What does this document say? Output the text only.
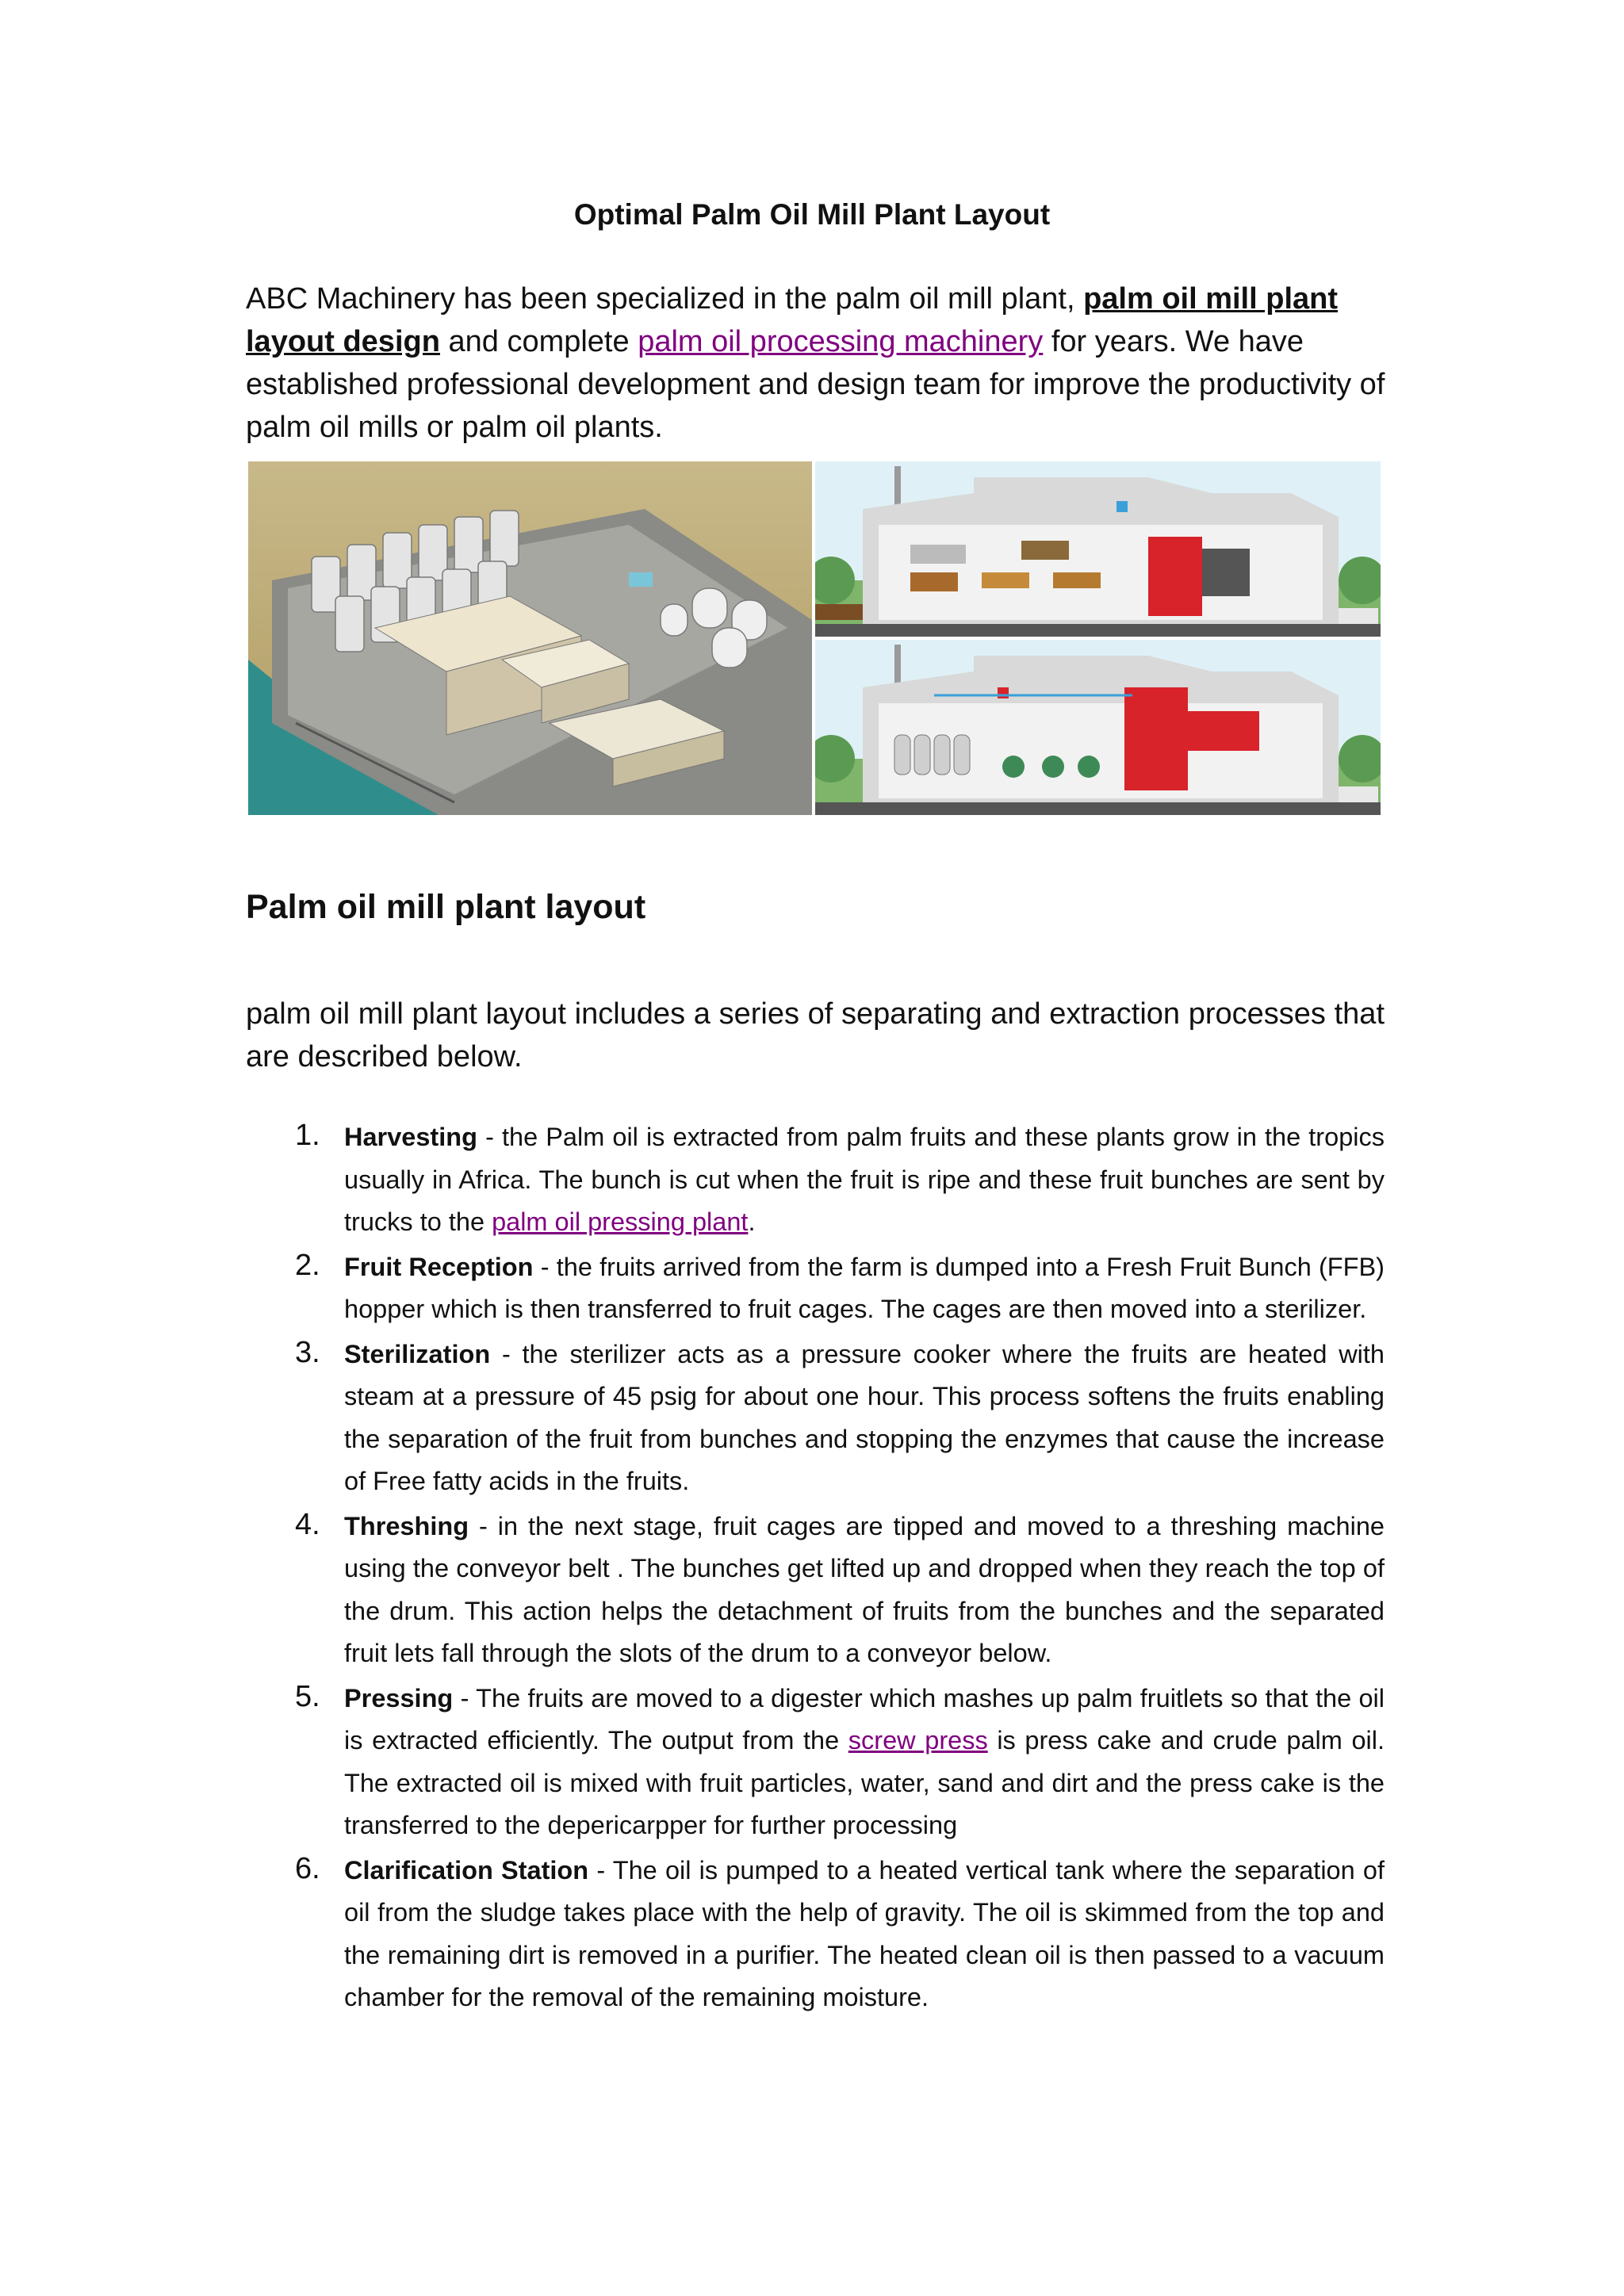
Optimal Palm Oil Mill Plant Layout
ABC Machinery has been specialized in the palm oil mill plant, palm oil mill plant layout design and complete palm oil processing machinery for years. We have established professional development and design team for improve the productivity of palm oil mills or palm oil plants.
Palm oil mill plant layout
palm oil mill plant layout includes a series of separating and extraction processes that are described below.
1. Harvesting - the Palm oil is extracted from palm fruits and these plants grow in the tropics usually in Africa. The bunch is cut when the fruit is ripe and these fruit bunches are sent by trucks to the palm oil pressing plant.
2. Fruit Reception - the fruits arrived from the farm is dumped into a Fresh Fruit Bunch (FFB) hopper which is then transferred to fruit cages. The cages are then moved into a sterilizer.
3. Sterilization - the sterilizer acts as a pressure cooker where the fruits are heated with steam at a pressure of 45 psig for about one hour. This process softens the fruits enabling the separation of the fruit from bunches and stopping the enzymes that cause the increase of Free fatty acids in the fruits.
4. Threshing - in the next stage, fruit cages are tipped and moved to a threshing machine using the conveyor belt . The bunches get lifted up and dropped when they reach the top of the drum. This action helps the detachment of fruits from the bunches and the separated fruit lets fall through the slots of the drum to a conveyor below.
5. Pressing - The fruits are moved to a digester which mashes up palm fruitlets so that the oil is extracted efficiently. The output from the screw press is press cake and crude palm oil. The extracted oil is mixed with fruit particles, water, sand and dirt and the press cake is the transferred to the depericarpper for further processing
6. Clarification Station - The oil is pumped to a heated vertical tank where the separation of oil from the sludge takes place with the help of gravity. The oil is skimmed from the top and the remaining dirt is removed in a purifier. The heated clean oil is then passed to a vacuum chamber for the removal of the remaining moisture.
